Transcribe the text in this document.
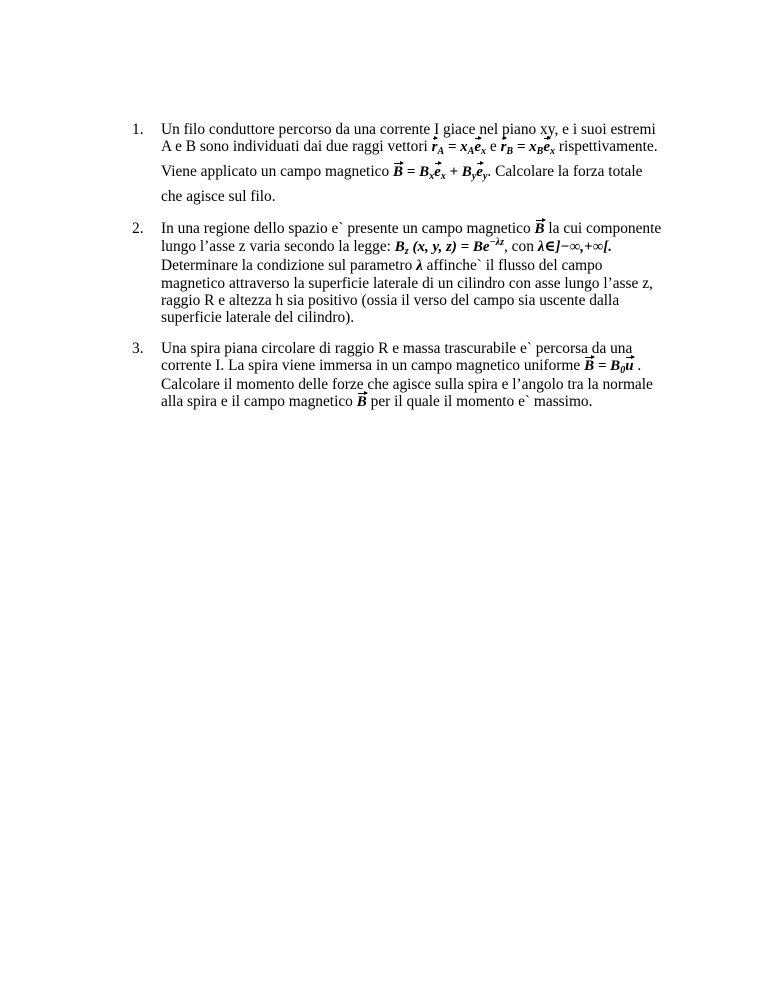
1. Un filo conduttore percorso da una corrente I giace nel piano xy, e i suoi estremi
A e B sono individuati dai due raggi vettori $r_A = x_Ae_x$ e $r_B = x_Be_x$ rispettivamente.
Viene applicato un campo magnetico $B = B_xe_x + B_ye_y$. Calcolare la forza totale
che agisce sul filo.
2. In una regione dello spazio e` presente un campo magnetico B la cui componente
lungo l’asse z varia secondo la legge: $B_z$ (x, y, $z) = Be^{-\lambda z}$, con λ∈]−∞,+∞[.
Determinare la condizione sul parametro λ affinche` il flusso del campo
magnetico attraverso la superficie laterale di un cilindro con asse lungo l’asse z,
raggio R e altezza h sia positivo (ossia il verso del campo sia uscente dalla
superficie laterale del cilindro).
3. Una spira piana circolare di raggio R e massa trascurabile e` percorsa da una
corrente I. La spira viene immersa in un campo magnetico uniforme $B = B_0u$ .
Calcolare il momento delle forze che agisce sulla spira e l’angolo tra la normale
alla spira e il campo magnetico B per il quale il momento e` massimo.
